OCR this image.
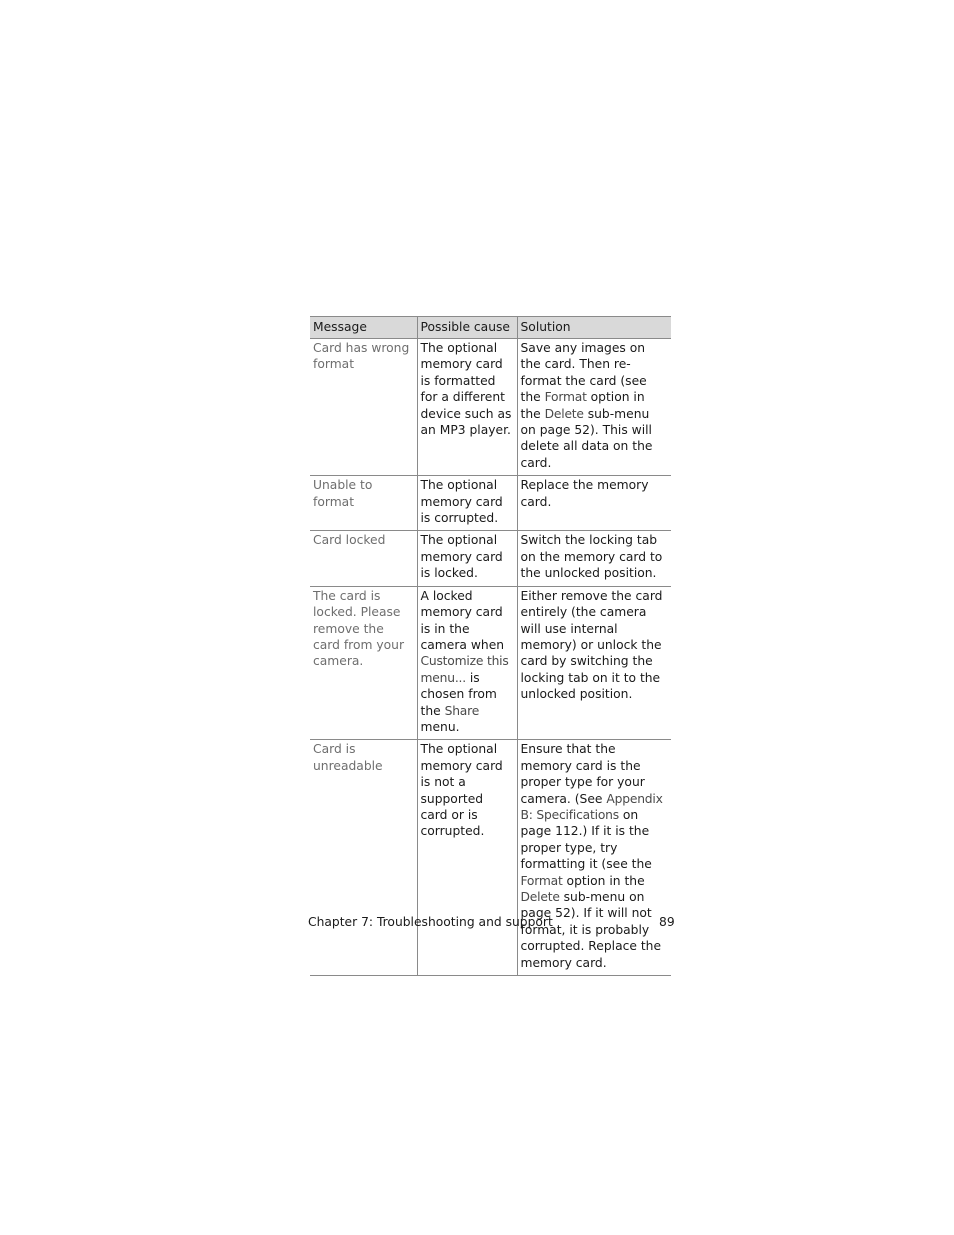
Message	Possible cause	Solution
Card has wrong format	The optional memory card is formatted for a different device such as an MP3 player.	Save any images on the card. Then re-format the card (see the Format option in the Delete sub-menu on page 52). This will delete all data on the card.
Unable to format	The optional memory card is corrupted.	Replace the memory card.
Card locked	The optional memory card is locked.	Switch the locking tab on the memory card to the unlocked position.
The card is locked. Please remove the card from your camera.	A locked memory card is in the camera when Customize this menu... is chosen from the Share menu.	Either remove the card entirely (the camera will use internal memory) or unlock the card by switching the locking tab on it to the unlocked position.
Card is unreadable	The optional memory card is not a supported card or is corrupted.	Ensure that the memory card is the proper type for your camera. (See Appendix B: Specifications on page 112.) If it is the proper type, try formatting it (see the Format option in the Delete sub-menu on page 52). If it will not format, it is probably corrupted. Replace the memory card.
Chapter 7: Troubleshooting and support	89
